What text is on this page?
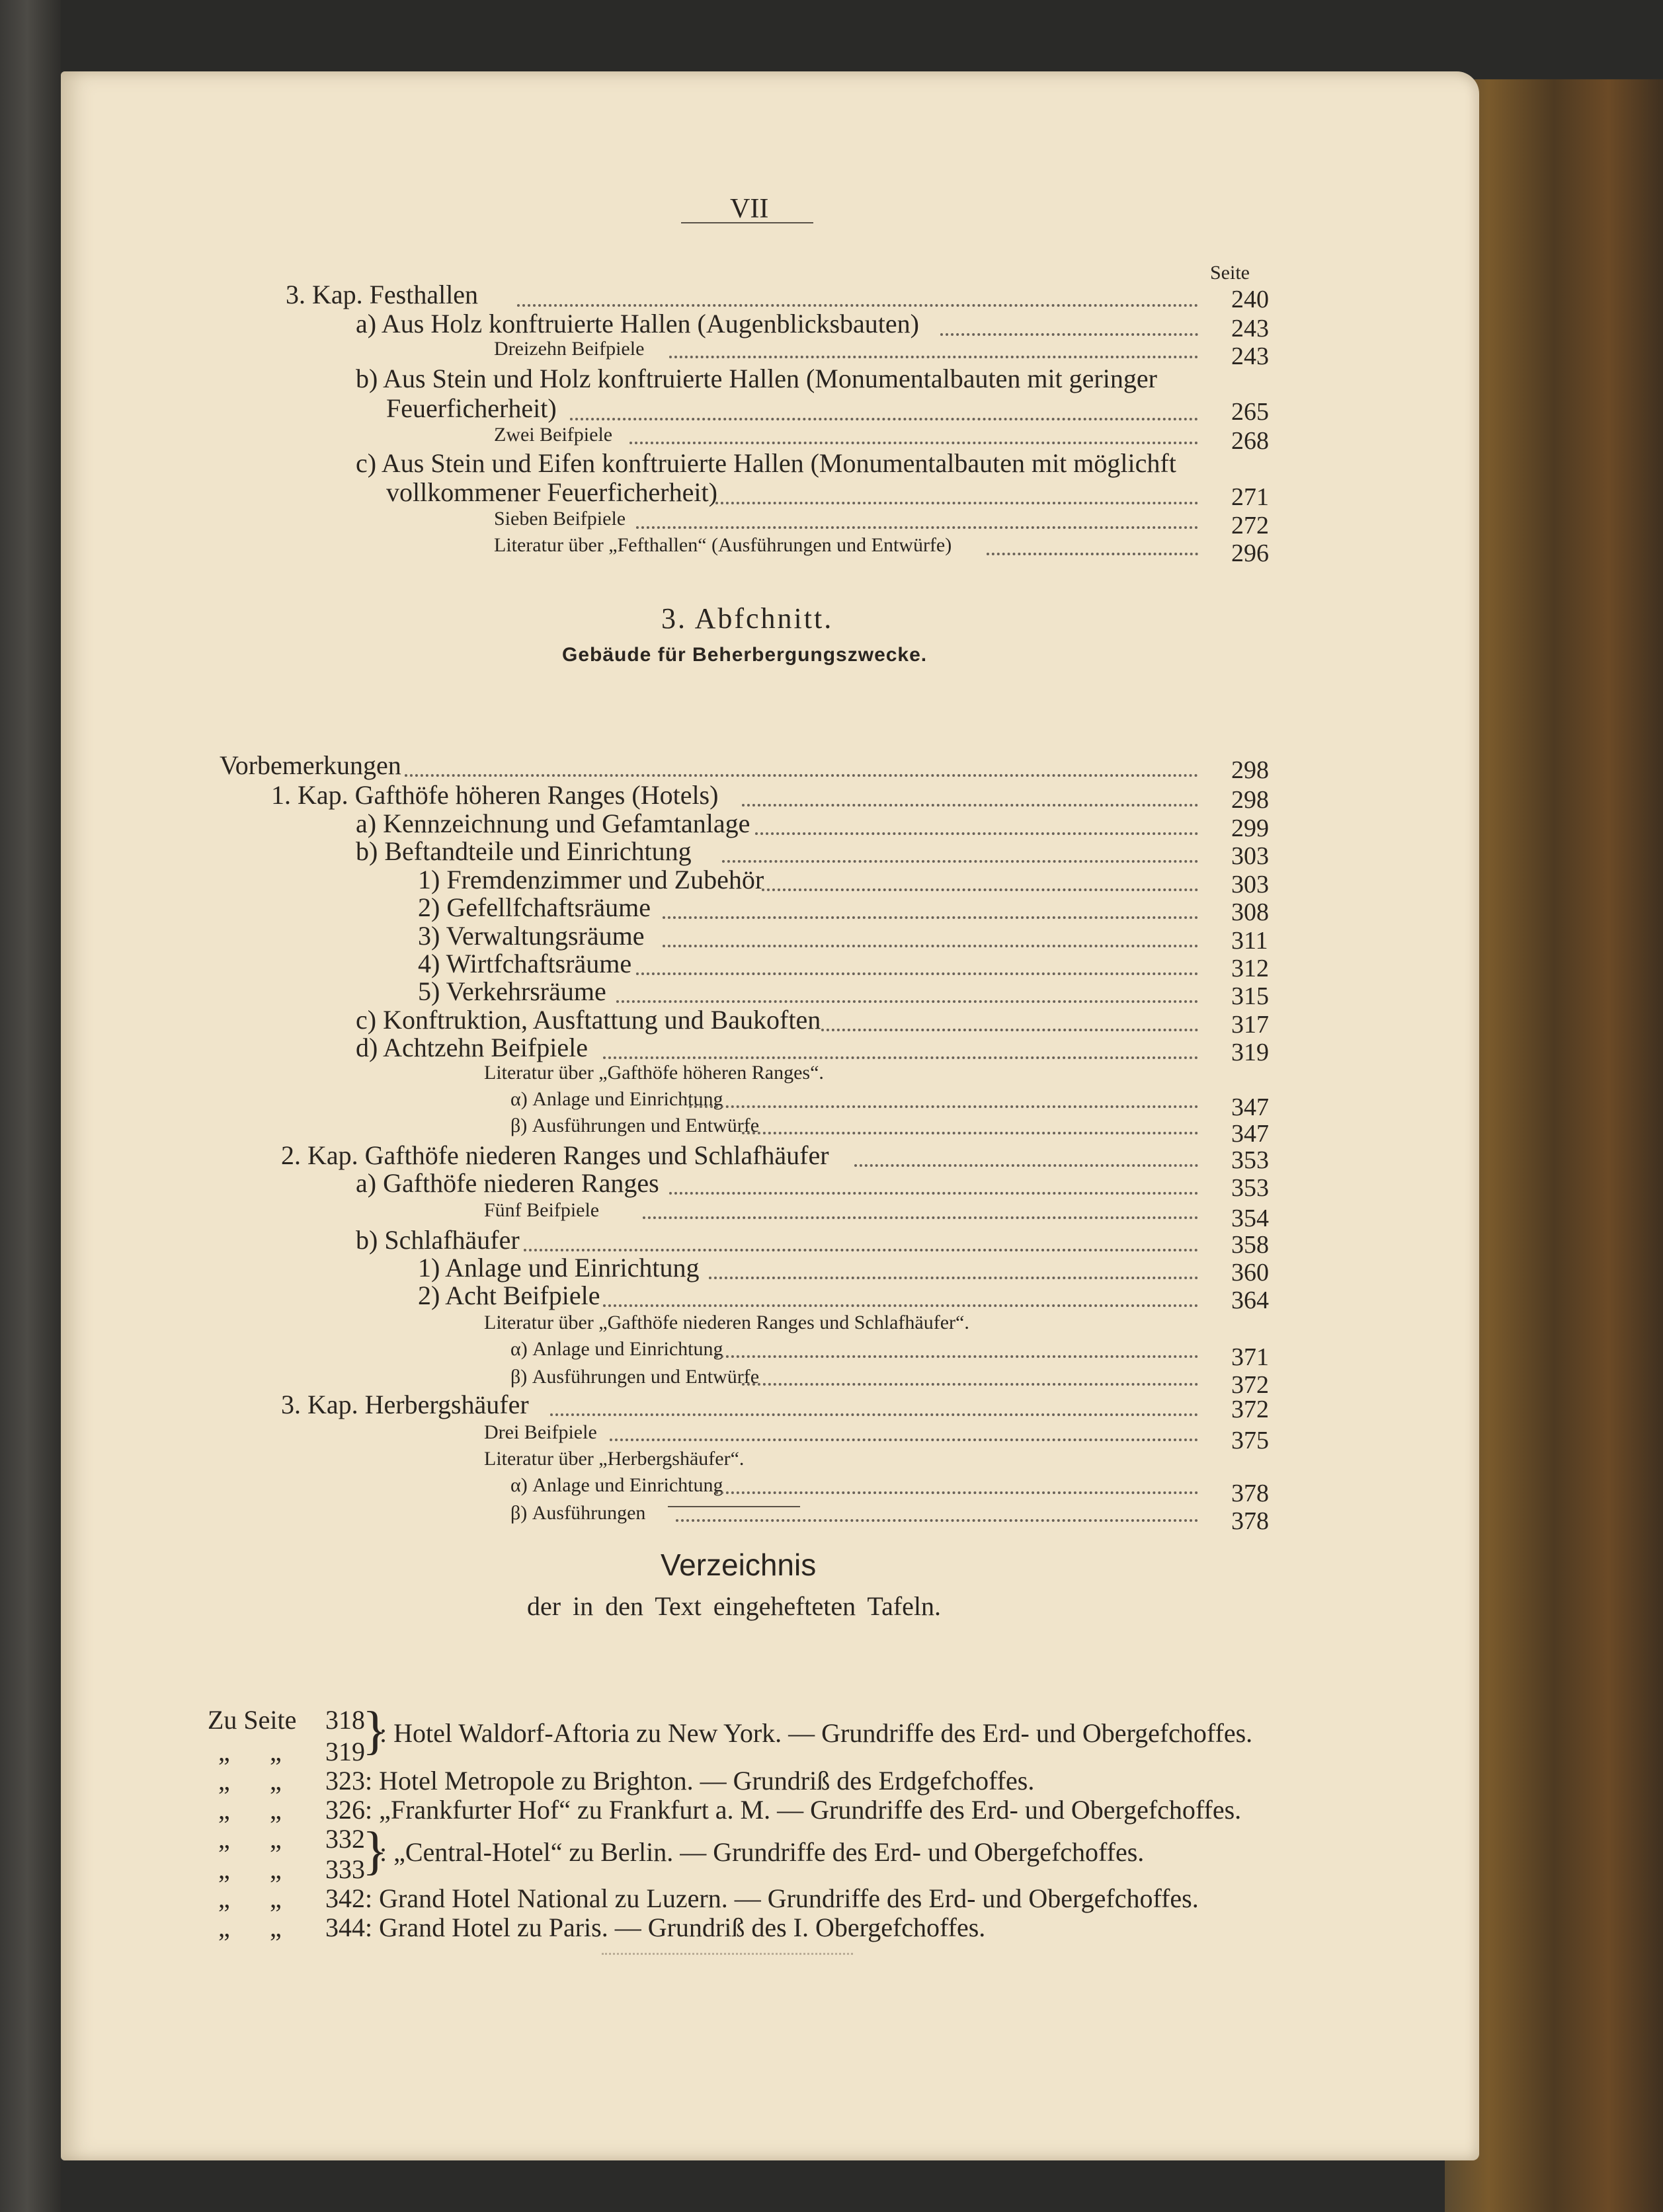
VII
Seite
3. Kap. Festhallen	240
a) Aus Holz konftruierte Hallen (Augenblicksbauten)	243
Dreizehn Beifpiele	243
b) Aus Stein und Holz konftruierte Hallen (Monumentalbauten mit geringer
Feuerficherheit)	265
Zwei Beifpiele	268
c) Aus Stein und Eifen konftruierte Hallen (Monumentalbauten mit möglichft
vollkommener Feuerficherheit)	271
Sieben Beifpiele	272
Literatur über „Fefthallen“ (Ausführungen und Entwürfe)	296
3. Abfchnitt.
Gebäude für Beherbergungszwecke.
Vorbemerkungen	298
1. Kap. Gafthöfe höheren Ranges (Hotels)	298
a) Kennzeichnung und Gefamtanlage	299
b) Beftandteile und Einrichtung	303
1) Fremdenzimmer und Zubehör	303
2) Gefellfchaftsräume	308
3) Verwaltungsräume	311
4) Wirtfchaftsräume	312
5) Verkehrsräume	315
c) Konftruktion, Ausftattung und Baukoften	317
d) Achtzehn Beifpiele	319
Literatur über „Gafthöfe höheren Ranges“.
α) Anlage und Einrichtung	347
β) Ausführungen und Entwürfe	347
2. Kap. Gafthöfe niederen Ranges und Schlafhäufer	353
a) Gafthöfe niederen Ranges	353
Fünf Beifpiele	354
b) Schlafhäufer	358
1) Anlage und Einrichtung	360
2) Acht Beifpiele	364
Literatur über „Gafthöfe niederen Ranges und Schlafhäufer“.
α) Anlage und Einrichtung	371
β) Ausführungen und Entwürfe	372
3. Kap. Herbergshäufer	372
Drei Beifpiele	375
Literatur über „Herbergshäufer“.
α) Anlage und Einrichtung	378
β) Ausführungen	378
Verzeichnis
der in den Text eingehefteten Tafeln.
Zu Seite 318
„ „ 319
}
: Hotel Waldorf-Aftoria zu New York. — Grundriffe des Erd- und Obergefchoffes.
„ „ 323: Hotel Metropole zu Brighton. — Grundriß des Erdgefchoffes.
„ „ 326: „Frankfurter Hof“ zu Frankfurt a. M. — Grundriffe des Erd- und Obergefchoffes.
„ „ 332
„ „ 333
}
: „Central-Hotel“ zu Berlin. — Grundriffe des Erd- und Obergefchoffes.
„ „ 342: Grand Hotel National zu Luzern. — Grundriffe des Erd- und Obergefchoffes.
„ „ 344: Grand Hotel zu Paris. — Grundriß des I. Obergefchoffes.
